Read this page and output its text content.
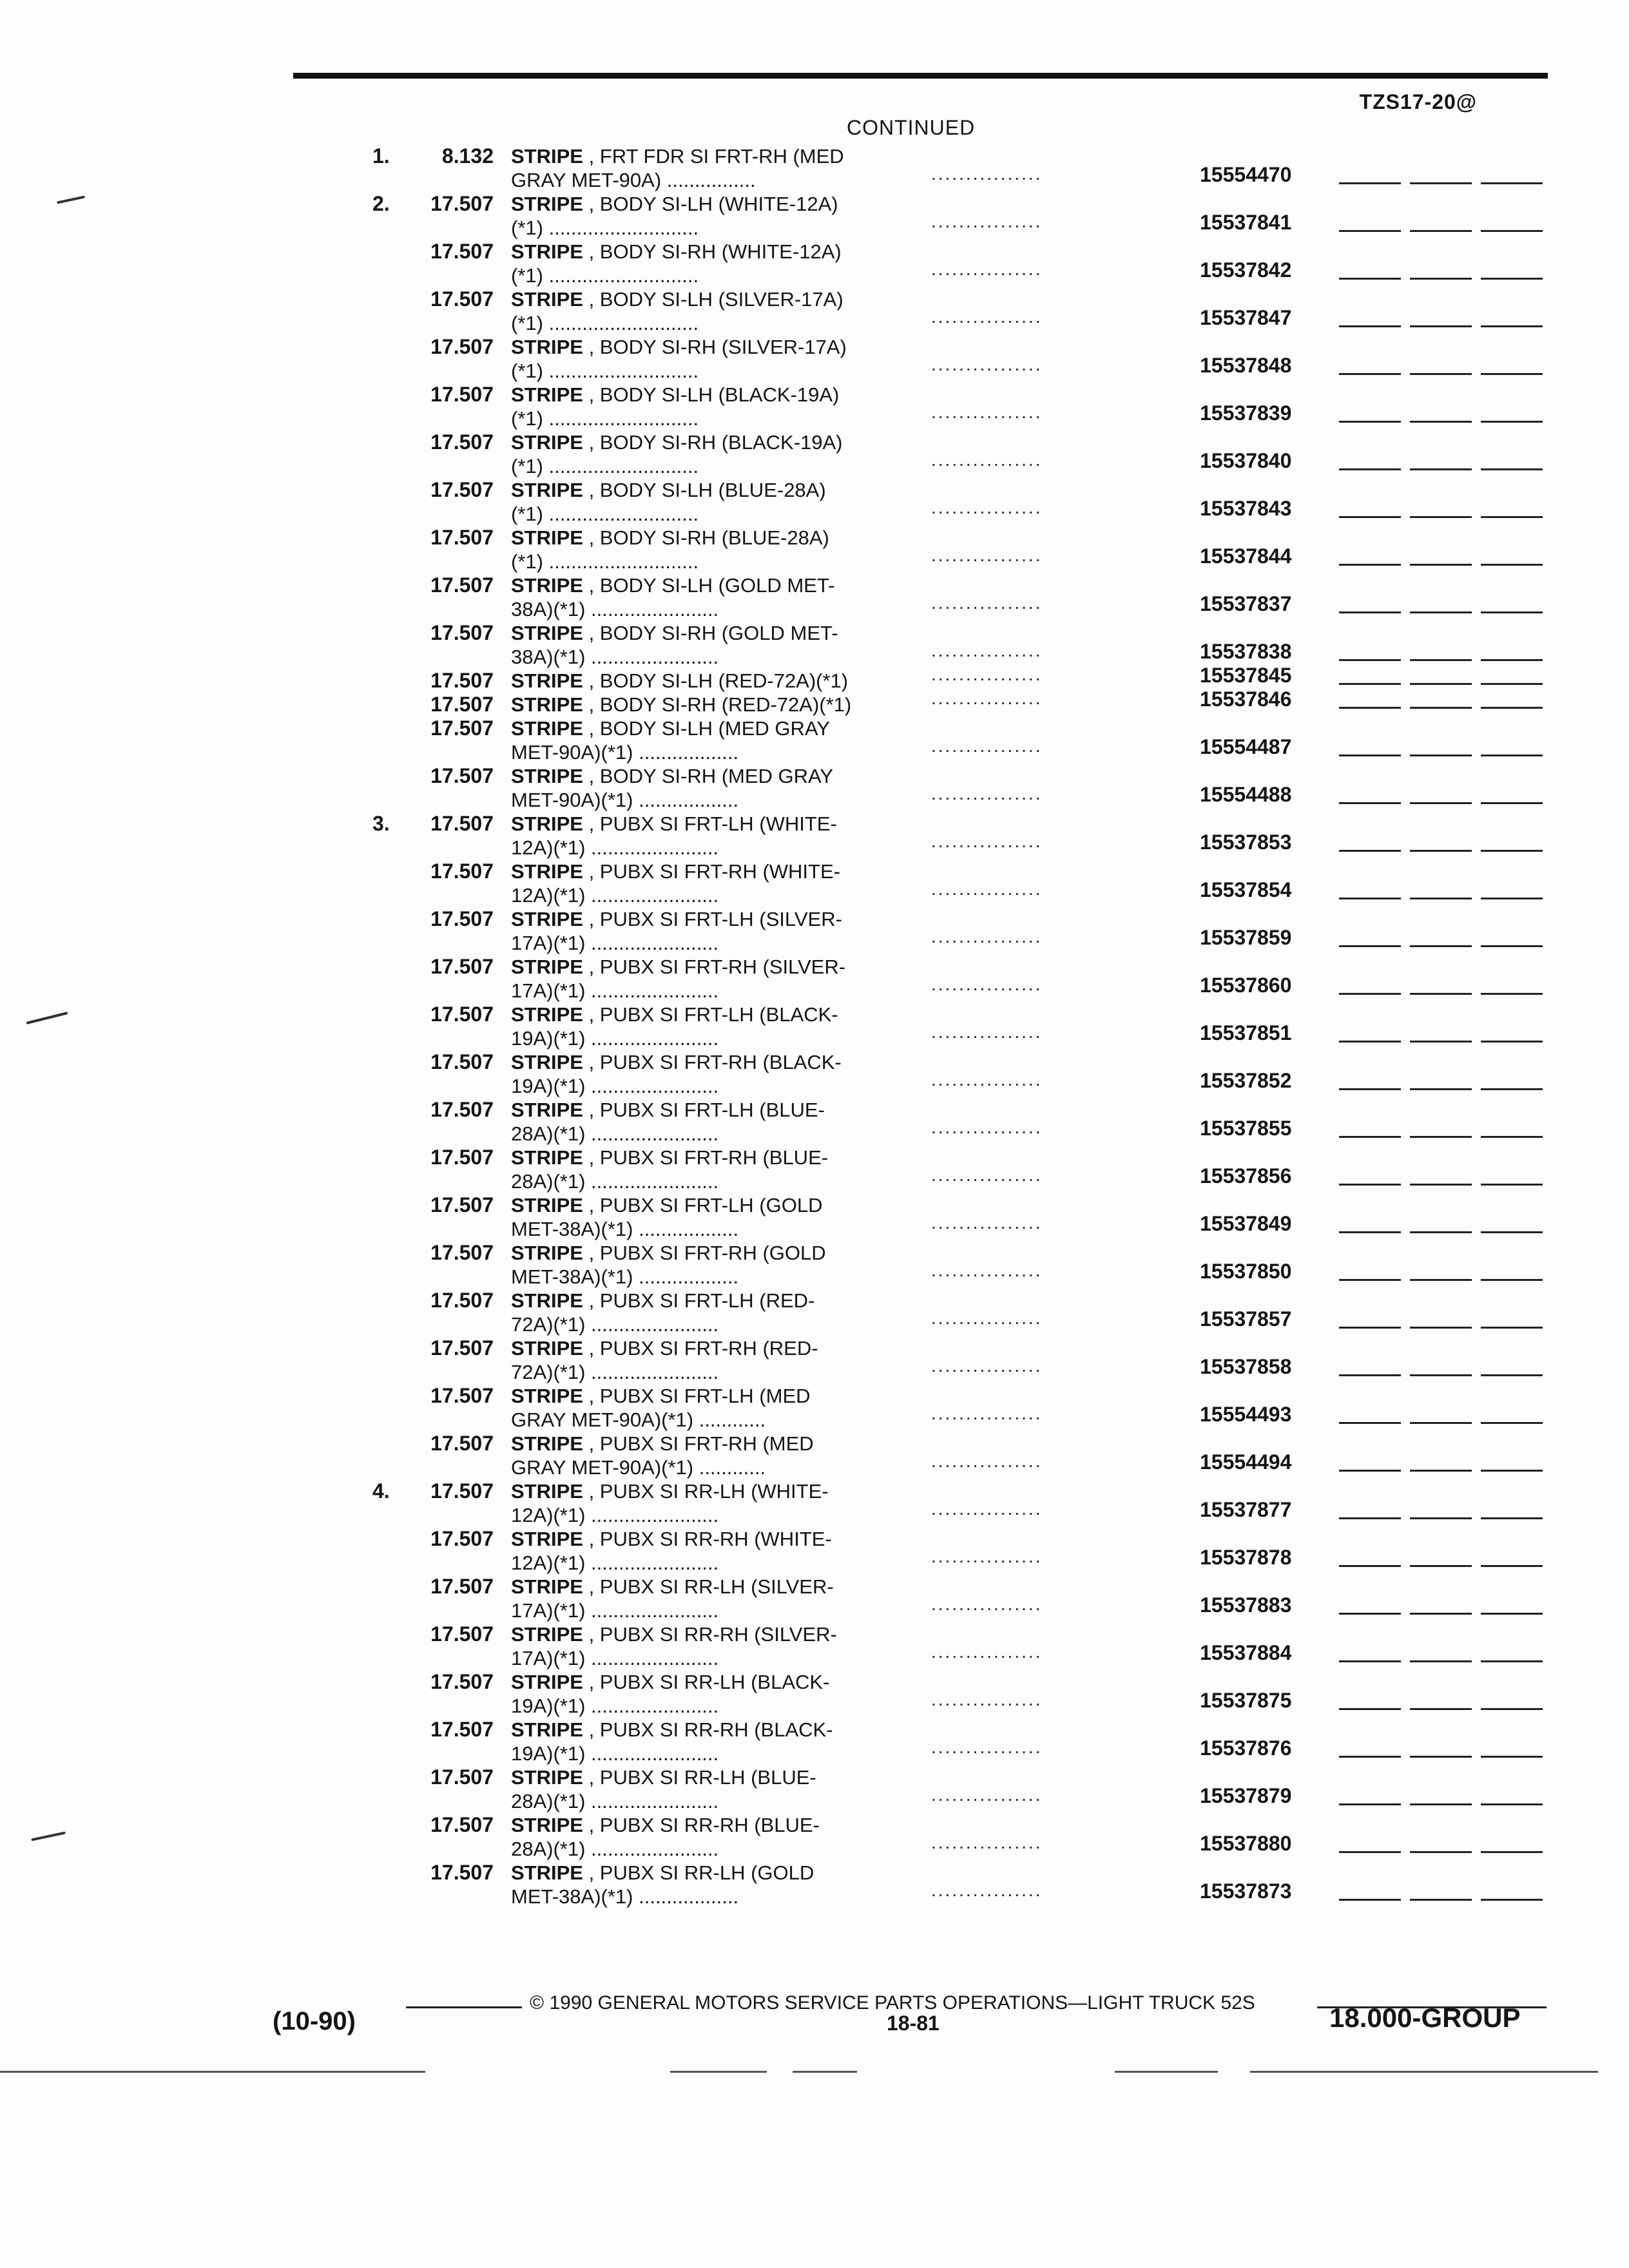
TZS17-20@
CONTINUED
1.	8.132 STRIPE , FRT FDR SI FRT-RH (MED
GRAY MET-90A) ................	................	15554470
2. 17.507 STRIPE , BODY SI-LH (WHITE-12A)
(*1) ...........................	................	15537841
17.507 STRIPE , BODY SI-RH (WHITE-12A)
(*1) ...........................	................	15537842
17.507 STRIPE , BODY SI-LH (SILVER-17A)
(*1) ...........................	................	15537847
17.507 STRIPE , BODY SI-RH (SILVER-17A)
(*1) ...........................	................	15537848
17.507 STRIPE , BODY SI-LH (BLACK-19A)
(*1) ...........................	................	15537839
17.507 STRIPE , BODY SI-RH (BLACK-19A)
(*1) ...........................	................	15537840
17.507 STRIPE , BODY SI-LH (BLUE-28A)
(*1) ...........................	................	15537843
17.507 STRIPE , BODY SI-RH (BLUE-28A)
(*1) ...........................	................	15537844
17.507 STRIPE , BODY SI-LH (GOLD MET-
38A)(*1) .......................	................	15537837
17.507 STRIPE , BODY SI-RH (GOLD MET-
38A)(*1) .......................	................	15537838
17.507 STRIPE , BODY SI-LH (RED-72A)(*1)	................	15537845
17.507 STRIPE , BODY SI-RH (RED-72A)(*1)	................	15537846
17.507 STRIPE , BODY SI-LH (MED GRAY
MET-90A)(*1) ..................	................	15554487
17.507 STRIPE , BODY SI-RH (MED GRAY
MET-90A)(*1) ..................	................	15554488
3. 17.507 STRIPE , PUBX SI FRT-LH (WHITE-
12A)(*1) .......................	................	15537853
17.507 STRIPE , PUBX SI FRT-RH (WHITE-
12A)(*1) .......................	................	15537854
17.507 STRIPE , PUBX SI FRT-LH (SILVER-
17A)(*1) .......................	................	15537859
17.507 STRIPE , PUBX SI FRT-RH (SILVER-
17A)(*1) .......................	................	15537860
17.507 STRIPE , PUBX SI FRT-LH (BLACK-
19A)(*1) .......................	................	15537851
17.507 STRIPE , PUBX SI FRT-RH (BLACK-
19A)(*1) .......................	................	15537852
17.507 STRIPE , PUBX SI FRT-LH (BLUE-
28A)(*1) .......................	................	15537855
17.507 STRIPE , PUBX SI FRT-RH (BLUE-
28A)(*1) .......................	................	15537856
17.507 STRIPE , PUBX SI FRT-LH (GOLD
MET-38A)(*1) ..................	................	15537849
17.507 STRIPE , PUBX SI FRT-RH (GOLD
MET-38A)(*1) ..................	................	15537850
17.507 STRIPE , PUBX SI FRT-LH (RED-
72A)(*1) .......................	................	15537857
17.507 STRIPE , PUBX SI FRT-RH (RED-
72A)(*1) .......................	................	15537858
17.507 STRIPE , PUBX SI FRT-LH (MED
GRAY MET-90A)(*1) ............	................	15554493
17.507 STRIPE , PUBX SI FRT-RH (MED
GRAY MET-90A)(*1) ............	................	15554494
4. 17.507 STRIPE , PUBX SI RR-LH (WHITE-
12A)(*1) .......................	................	15537877
17.507 STRIPE , PUBX SI RR-RH (WHITE-
12A)(*1) .......................	................	15537878
17.507 STRIPE , PUBX SI RR-LH (SILVER-
17A)(*1) .......................	................	15537883
17.507 STRIPE , PUBX SI RR-RH (SILVER-
17A)(*1) .......................	................	15537884
17.507 STRIPE , PUBX SI RR-LH (BLACK-
19A)(*1) .......................	................	15537875
17.507 STRIPE , PUBX SI RR-RH (BLACK-
19A)(*1) .......................	................	15537876
17.507 STRIPE , PUBX SI RR-LH (BLUE-
28A)(*1) .......................	................	15537879
17.507 STRIPE , PUBX SI RR-RH (BLUE-
28A)(*1) .......................	................	15537880
17.507 STRIPE , PUBX SI RR-LH (GOLD
MET-38A)(*1) ..................	................	15537873
© 1990 GENERAL MOTORS SERVICE PARTS OPERATIONS—LIGHT TRUCK 52S
(10-90)	18-81	18.000-GROUP
